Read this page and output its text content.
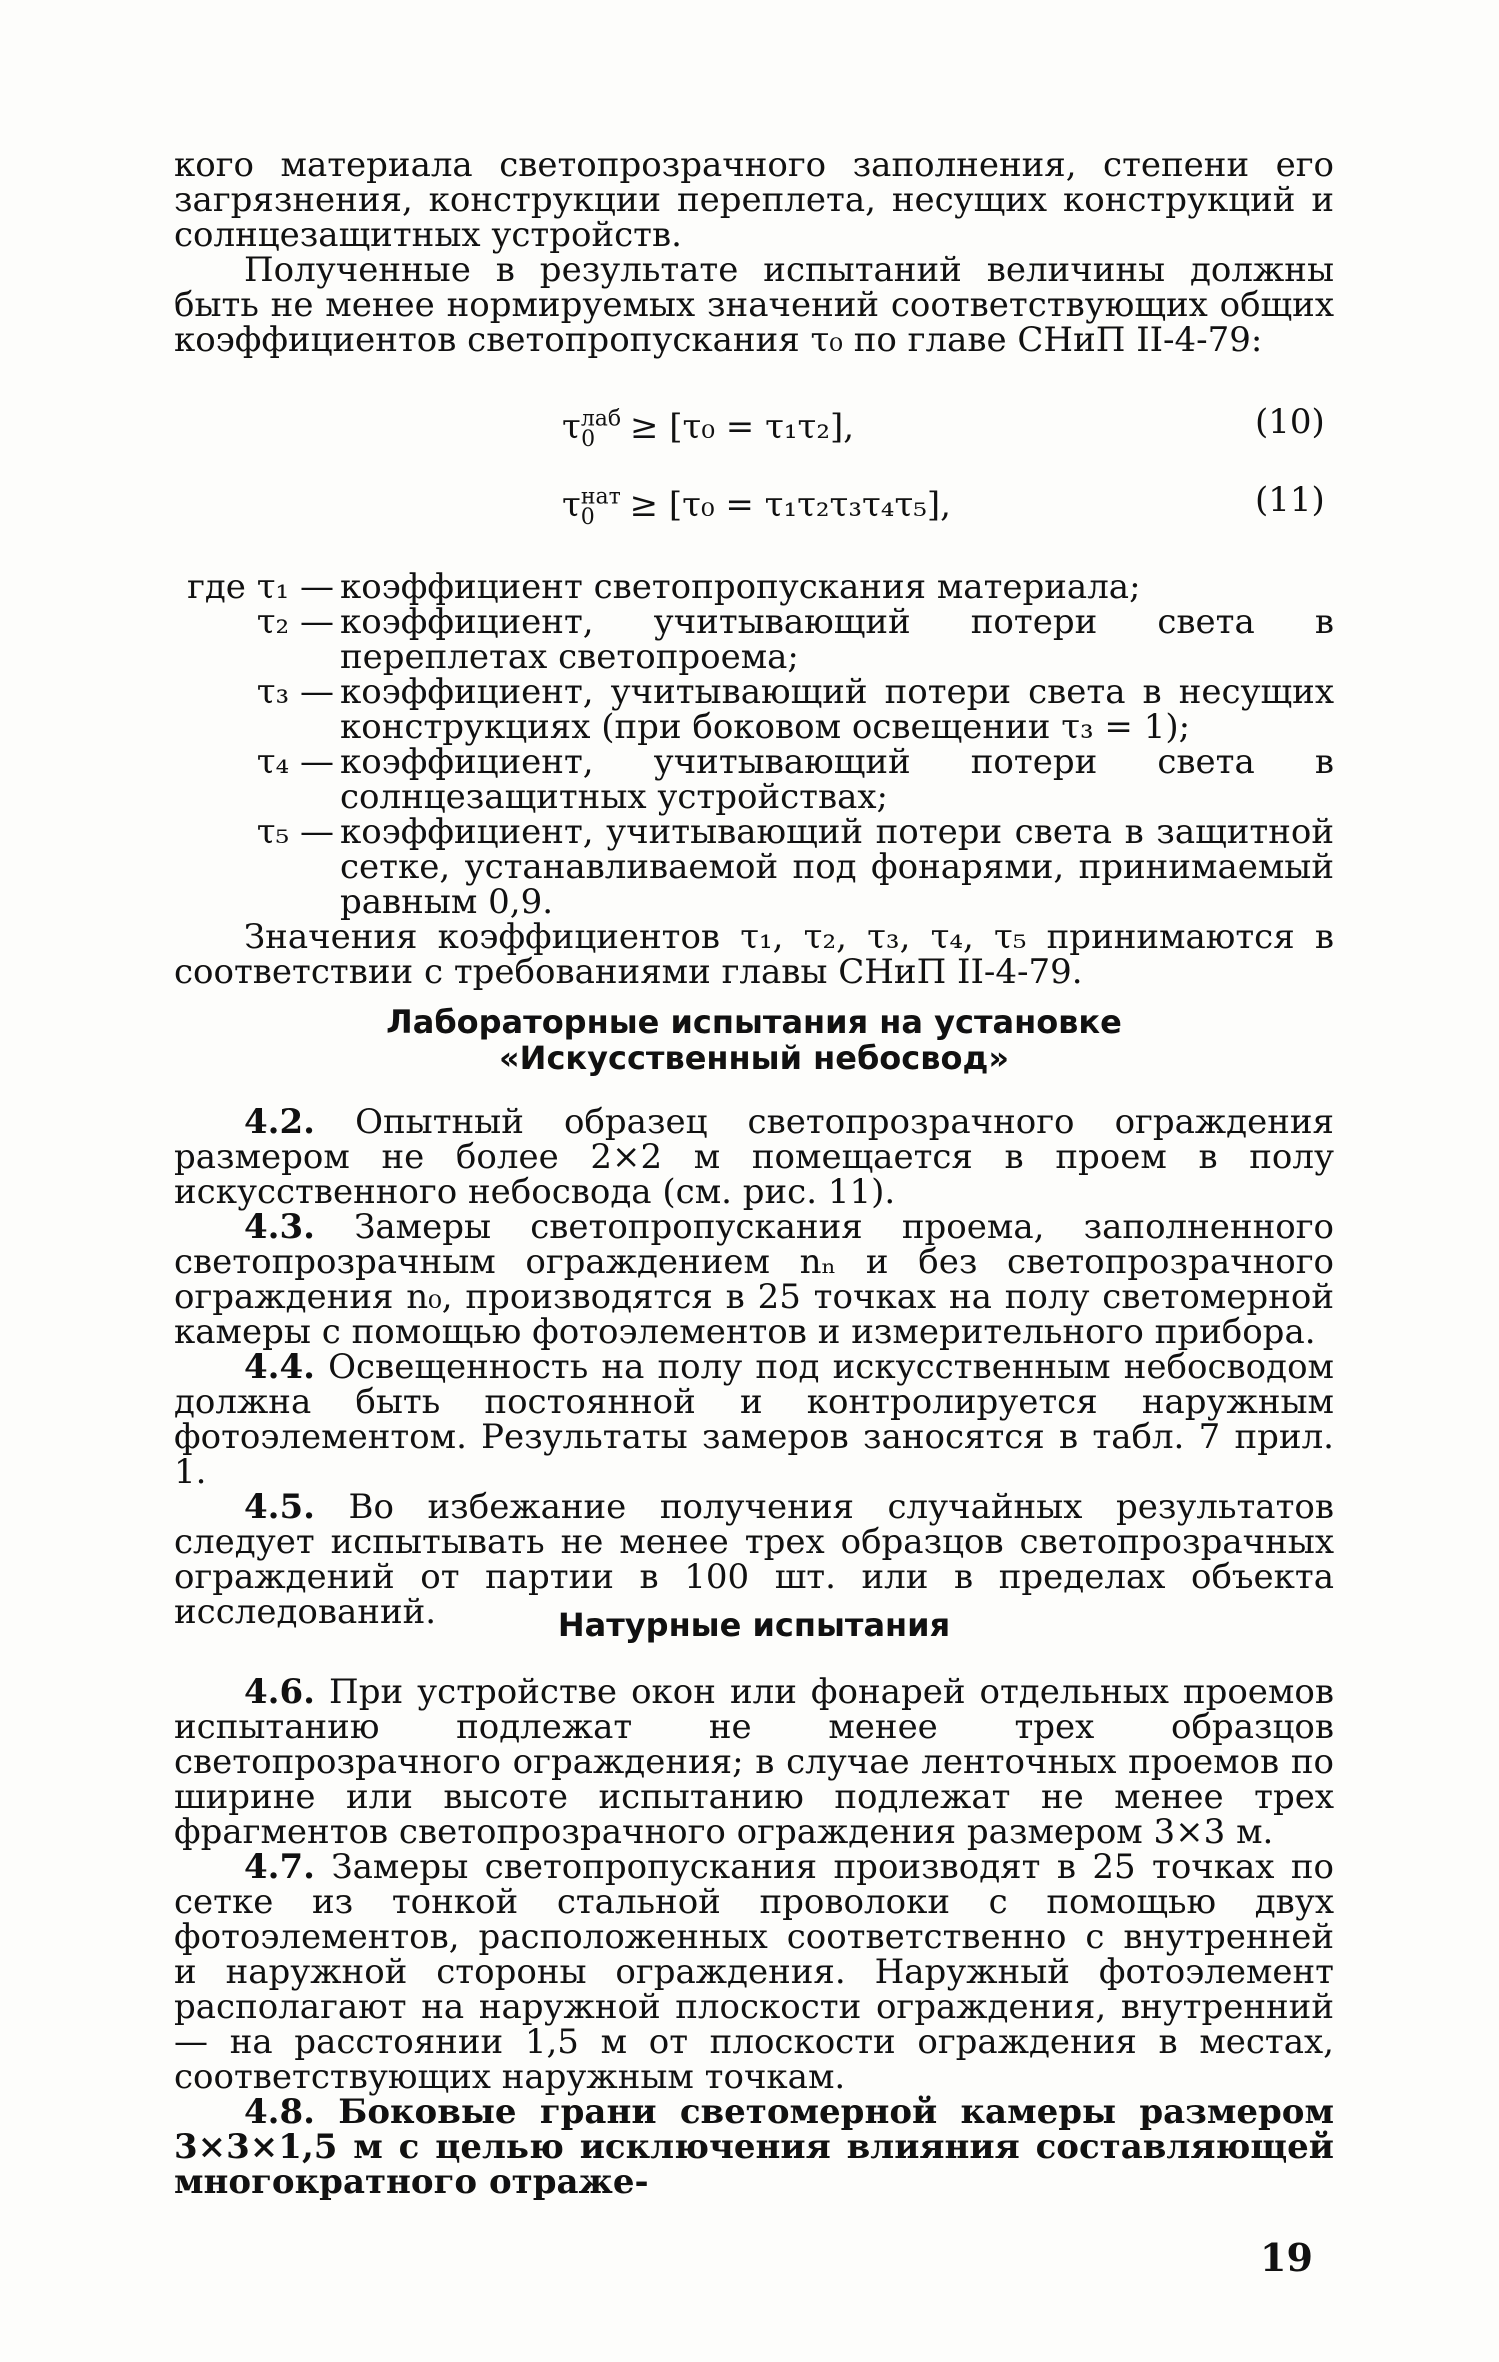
кого материала светопрозрачного заполнения, степени его загрязнения, конструкции переплета, несущих конструкций и солнцезащитных устройств.

Полученные в результате испытаний величины должны быть не менее нормируемых значений соответствующих общих коэффициентов светопропускания τ₀ по главе СНиП II-4-79:

$\tau^{лаб}_0 \ge [\tau_0 = \tau_1\tau_2]$,	(10)
$\tau^{нат}_0 \ge [\tau_0 = \tau_1\tau_2\tau_3\tau_4\tau_5]$,	(11)
где τ₁ — коэффициент светопропускания материала;
τ₂ — коэффициент, учитывающий потери света в переплетах светопроема;
τ₃ — коэффициент, учитывающий потери света в несущих конструкциях (при боковом освещении τ₃ = 1);
τ₄ — коэффициент, учитывающий потери света в солнцезащитных устройствах;
τ₅ — коэффициент, учитывающий потери света в защитной сетке, устанавливаемой под фонарями, принимаемый равным 0,9.

Значения коэффициентов τ₁, τ₂, τ₃, τ₄, τ₅ принимаются в соответствии с требованиями главы СНиП II-4-79.

Лабораторные испытания на установке
«Искусственный небосвод»

4.2. Опытный образец светопрозрачного ограждения размером не более 2×2 м помещается в проем в полу искусственного небосвода (см. рис. 11).

4.3. Замеры светопропускания проема, заполненного светопрозрачным ограждением nₙ и без светопрозрачного ограждения n₀, производятся в 25 точках на полу светомерной камеры с помощью фотоэлементов и измерительного прибора.

4.4. Освещенность на полу под искусственным небосводом должна быть постоянной и контролируется наружным фотоэлементом. Результаты замеров заносятся в табл. 7 прил. 1.

4.5. Во избежание получения случайных результатов следует испытывать не менее трех образцов светопрозрачных ограждений от партии в 100 шт. или в пределах объекта исследований.	Натурные испытания

4.6. При устройстве окон или фонарей отдельных проемов испытанию подлежат не менее трех образцов светопрозрачного ограждения; в случае ленточных проемов по ширине или высоте испытанию подлежат не менее трех фрагментов светопрозрачного ограждения размером 3×3 м.

4.7. Замеры светопропускания производят в 25 точках по сетке из тонкой стальной проволоки с помощью двух фотоэлементов, расположенных соответственно с внутренней и наружной стороны ограждения. Наружный фотоэлемент располагают на наружной плоскости ограждения, внутренний — на расстоянии 1,5 м от плоскости ограждения в местах, соответствующих наружным точкам.

4.8. Боковые грани светомерной камеры размером 3×3×1,5 м с целью исключения влияния составляющей многократного отраже-

19
